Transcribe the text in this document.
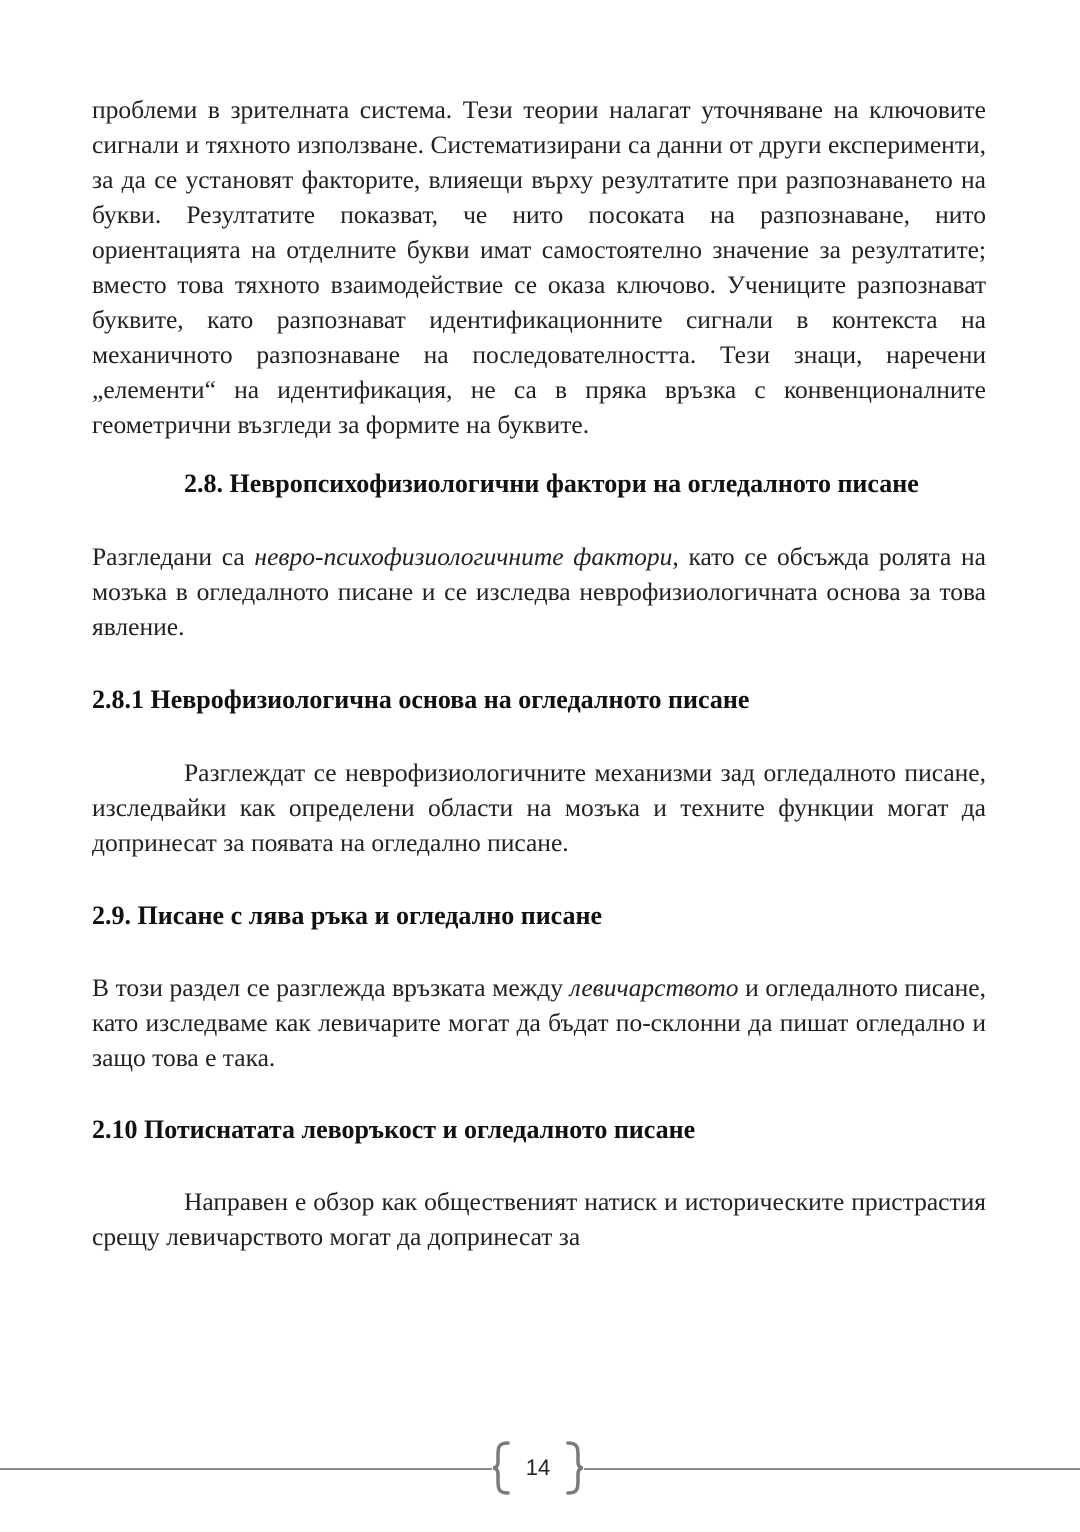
проблеми в зрителната система. Тези теории налагат уточняване на ключовите сигнали и тяхното използване. Систематизирани са данни от други експерименти, за да се установят факторите, влияещи върху резултатите при разпознаването на букви. Резултатите показват, че нито посоката на разпознаване, нито ориентацията на отделните букви имат самостоятелно значение за резултатите; вместо това тяхното взаимодействие се оказа ключово. Учениците разпознават буквите, като разпознават идентификационните сигнали в контекста на механичното разпознаване на последователността. Тези знаци, наречени „елементи“ на идентификация, не са в пряка връзка с конвенционалните геометрични възгледи за формите на буквите.

2.8. Невропсихофизиологични фактори на огледалното писане

Разгледани са невро-психофизиологичните фактори, като се обсъжда ролята на мозъка в огледалното писане и се изследва неврофизиологичната основа за това явление.

2.8.1 Неврофизиологична основа на огледалното писане

Разглеждат се неврофизиологичните механизми зад огледалното писане, изследвайки как определени области на мозъка и техните функции могат да допринесат за появата на огледално писане.

2.9. Писане с лява ръка и огледално писане

В този раздел се разглежда връзката между левичарството и огледалното писане, като изследваме как левичарите могат да бъдат по-склонни да пишат огледално и защо това е така.

2.10 Потиснатата леворъкост и огледалното писане

Направен е обзор как общественият натиск и историческите пристрастия срещу левичарството могат да допринесат за

14
